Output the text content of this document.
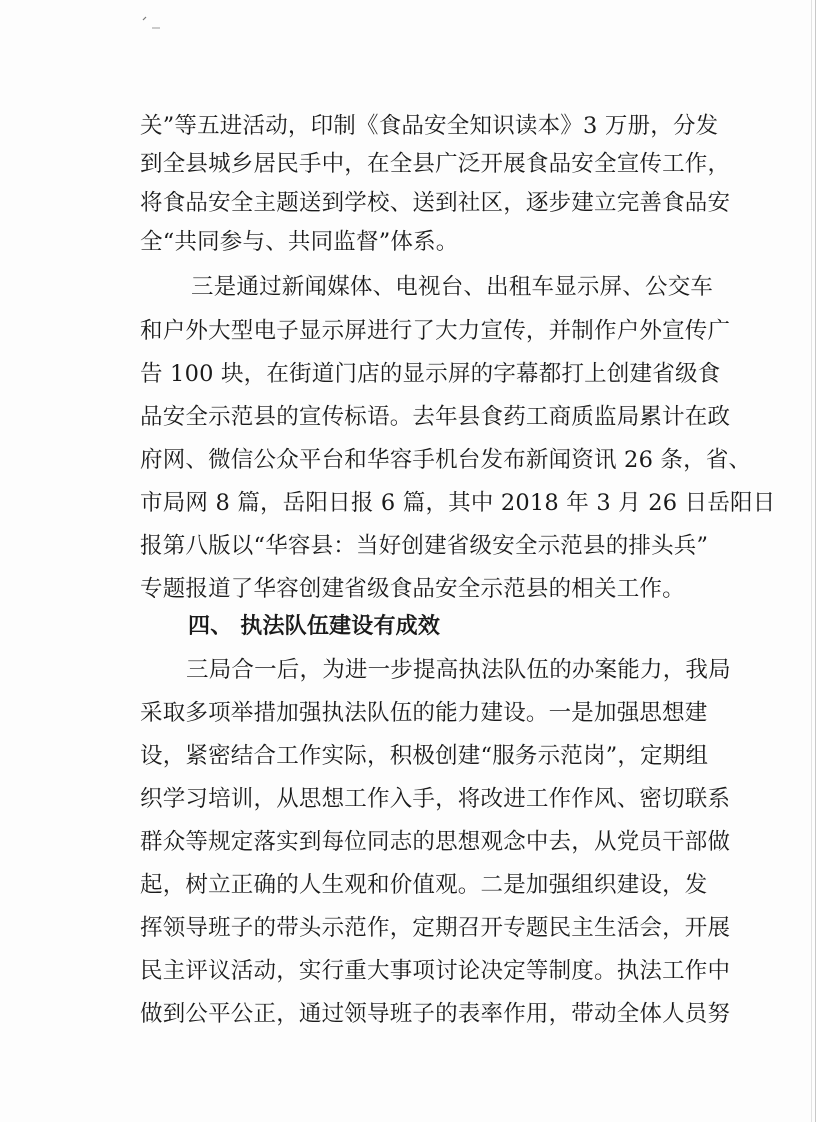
关”等五进活动，印制《食品安全知识读本》3 万册，分发
到全县城乡居民手中，在全县广泛开展食品安全宣传工作，
将食品安全主题送到学校、送到社区，逐步建立完善食品安
全“共同参与、共同监督”体系。
三是通过新闻媒体、电视台、出租车显示屏、公交车
和户外大型电子显示屏进行了大力宣传，并制作户外宣传广
告 100 块，在街道门店的显示屏的字幕都打上创建省级食
品安全示范县的宣传标语。去年县食药工商质监局累计在政
府网、微信公众平台和华容手机台发布新闻资讯 26 条，省、
市局网 8 篇，岳阳日报 6 篇，其中 2018 年 3 月 26 日岳阳日
报第八版以“华容县：当好创建省级安全示范县的排头兵”
专题报道了华容创建省级食品安全示范县的相关工作。
四、 执法队伍建设有成效
三局合一后，为进一步提高执法队伍的办案能力，我局
采取多项举措加强执法队伍的能力建设。一是加强思想建
设，紧密结合工作实际，积极创建“服务示范岗”，定期组
织学习培训，从思想工作入手，将改进工作作风、密切联系
群众等规定落实到每位同志的思想观念中去，从党员干部做
起，树立正确的人生观和价值观。二是加强组织建设，发
挥领导班子的带头示范作，定期召开专题民主生活会，开展
民主评议活动，实行重大事项讨论决定等制度。执法工作中
做到公平公正，通过领导班子的表率作用，带动全体人员努
